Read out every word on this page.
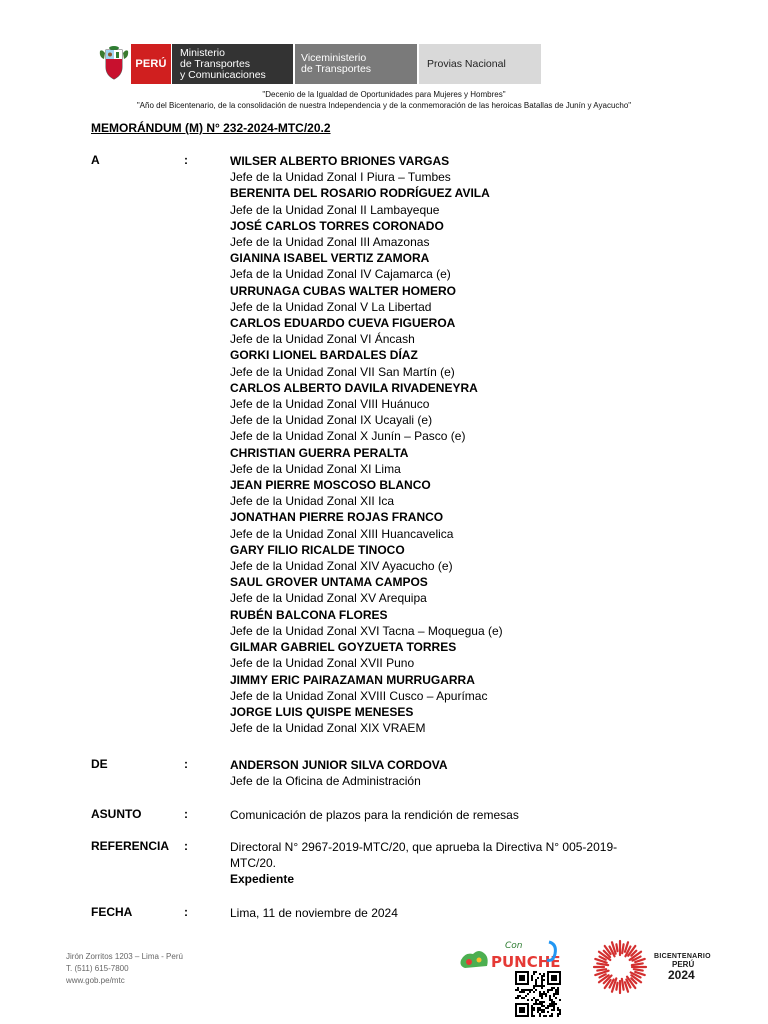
PERÚ
Ministerio
de Transportes
y Comunicaciones
Viceministerio
de Transportes	Provias Nacional
"Decenio de la Igualdad de Oportunidades para Mujeres y Hombres"
"Año del Bicentenario, de la consolidación de nuestra Independencia y de la conmemoración de las heroicas Batallas de Junín y Ayacucho"
MEMORÁNDUM (M) N° 232-2024-MTC/20.2
A	:	WILSER ALBERTO BRIONES VARGAS
Jefe de la Unidad Zonal I Piura – Tumbes
BERENITA DEL ROSARIO RODRÍGUEZ AVILA
Jefe de la Unidad Zonal II Lambayeque
JOSÉ CARLOS TORRES CORONADO
Jefe de la Unidad Zonal III Amazonas
GIANINA ISABEL VERTIZ ZAMORA
Jefa de la Unidad Zonal IV Cajamarca (e)
URRUNAGA CUBAS WALTER HOMERO
Jefe de la Unidad Zonal V La Libertad
CARLOS EDUARDO CUEVA FIGUEROA
Jefe de la Unidad Zonal VI Áncash
GORKI LIONEL BARDALES DÍAZ
Jefe de la Unidad Zonal VII San Martín (e)
CARLOS ALBERTO DAVILA RIVADENEYRA
Jefe de la Unidad Zonal VIII Huánuco
Jefe de la Unidad Zonal IX Ucayali (e)
Jefe de la Unidad Zonal X Junín – Pasco (e)
CHRISTIAN GUERRA PERALTA
Jefe de la Unidad Zonal XI Lima
JEAN PIERRE MOSCOSO BLANCO
Jefe de la Unidad Zonal XII Ica
JONATHAN PIERRE ROJAS FRANCO
Jefe de la Unidad Zonal XIII Huancavelica
GARY FILIO RICALDE TINOCO
Jefe de la Unidad Zonal XIV Ayacucho (e)
SAUL GROVER UNTAMA CAMPOS
Jefe de la Unidad Zonal XV Arequipa
RUBÉN BALCONA FLORES
Jefe de la Unidad Zonal XVI Tacna – Moquegua (e)
GILMAR GABRIEL GOYZUETA TORRES
Jefe de la Unidad Zonal XVII Puno
JIMMY ERIC PAIRAZAMAN MURRUGARRA
Jefe de la Unidad Zonal XVIII Cusco – Apurímac
JORGE LUIS QUISPE MENESES
Jefe de la Unidad Zonal XIX VRAEM
DE	:	ANDERSON JUNIOR SILVA CORDOVA
Jefe de la Oficina de Administración
ASUNTO	:	Comunicación de plazos para la rendición de remesas
REFERENCIA :	Directoral N° 2967-2019-MTC/20, que aprueba la Directiva N° 005-2019-
MTC/20.
Expediente
FECHA	:	Lima, 11 de noviembre de 2024
Jirón Zorritos 1203 – Lima - Perú
T. (511) 615-7800
www.gob.pe/mtc
Con
PUNCHE	BICENTENARIO
PERÚ
2024
